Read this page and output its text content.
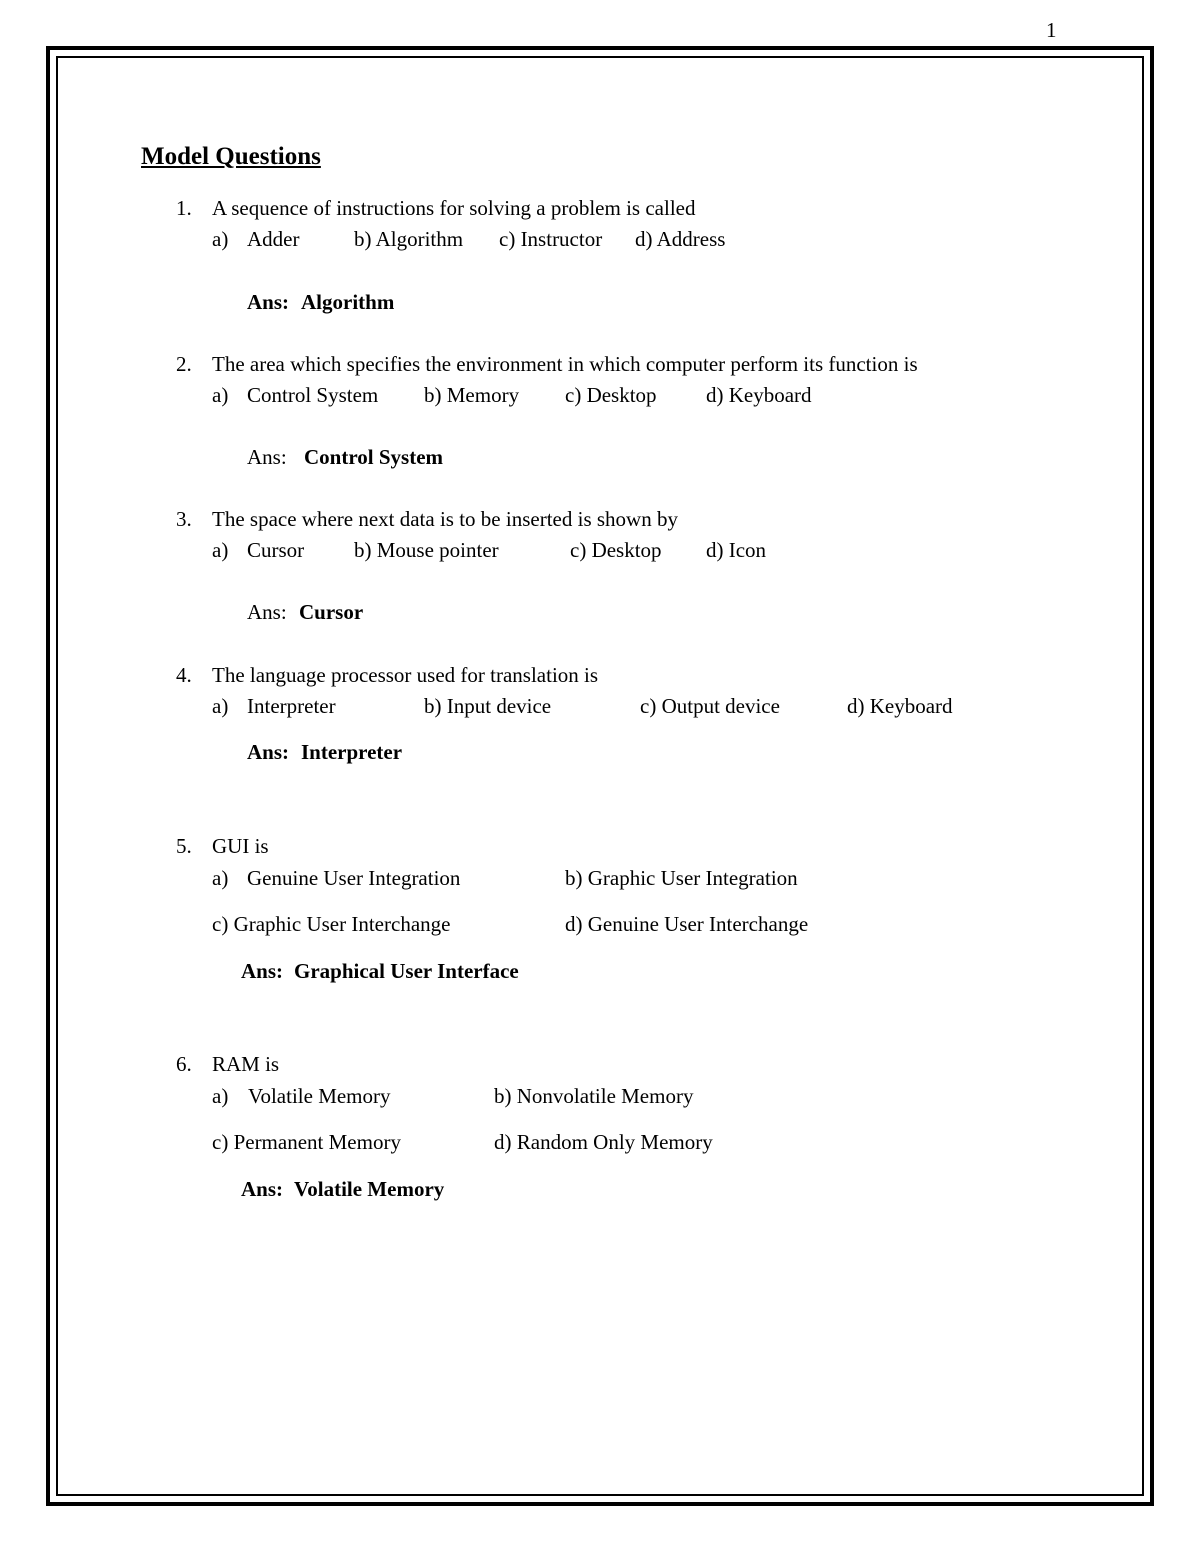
1
Model Questions
1. A sequence of instructions for solving a problem is called
a) Adder	b) Algorithm c) Instructor d) Address
Ans: Algorithm
2. The area which specifies the environment in which computer perform its function is
a) Control System b) Memory c) Desktop d) Keyboard
Ans: Control System
3. The space where next data is to be inserted is shown by
a) Cursor b) Mouse pointer	c) Desktop d) Icon
Ans: Cursor
4. The language processor used for translation is
a) Interpreter	b) Input device	c) Output device	d) Keyboard
Ans: Interpreter
5. GUI is
a) Genuine User Integration	b) Graphic User Integration
c) Graphic User Interchange	d) Genuine User Interchange
Ans: Graphical User Interface
6. RAM is
a) Volatile Memory	b) Nonvolatile Memory
c) Permanent Memory	d) Random Only Memory
Ans: Volatile Memory
